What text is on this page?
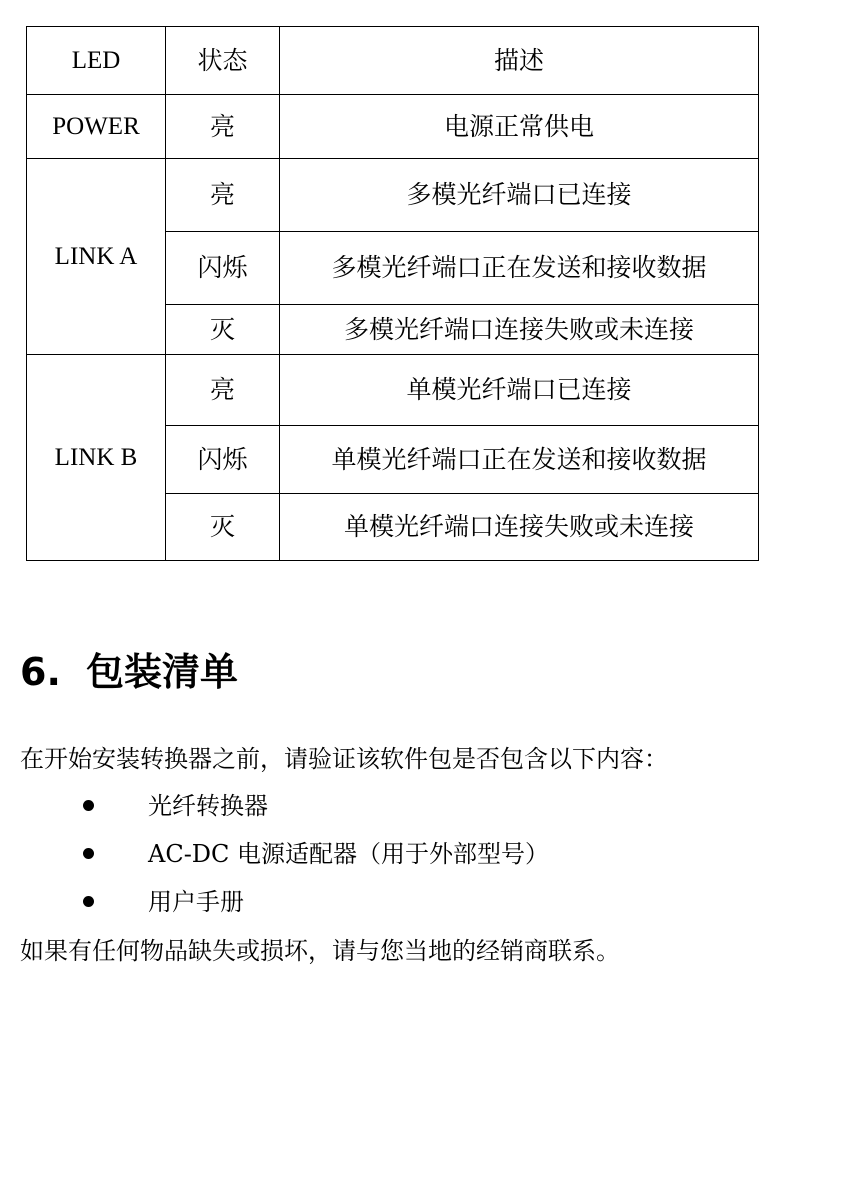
LED	状态	描述
POWER	亮	电源正常供电
LINK A	亮	多模光纤端口已连接
	闪烁	多模光纤端口正在发送和接收数据
	灭	多模光纤端口连接失败或未连接
LINK B	亮	单模光纤端口已连接
	闪烁	单模光纤端口正在发送和接收数据
	灭	单模光纤端口连接失败或未连接
6. 包装清单

在开始安装转换器之前，请验证该软件包是否包含以下内容：

光纤转换器
AC-DC 电源适配器（用于外部型号）
用户手册

如果有任何物品缺失或损坏，请与您当地的经销商联系。
